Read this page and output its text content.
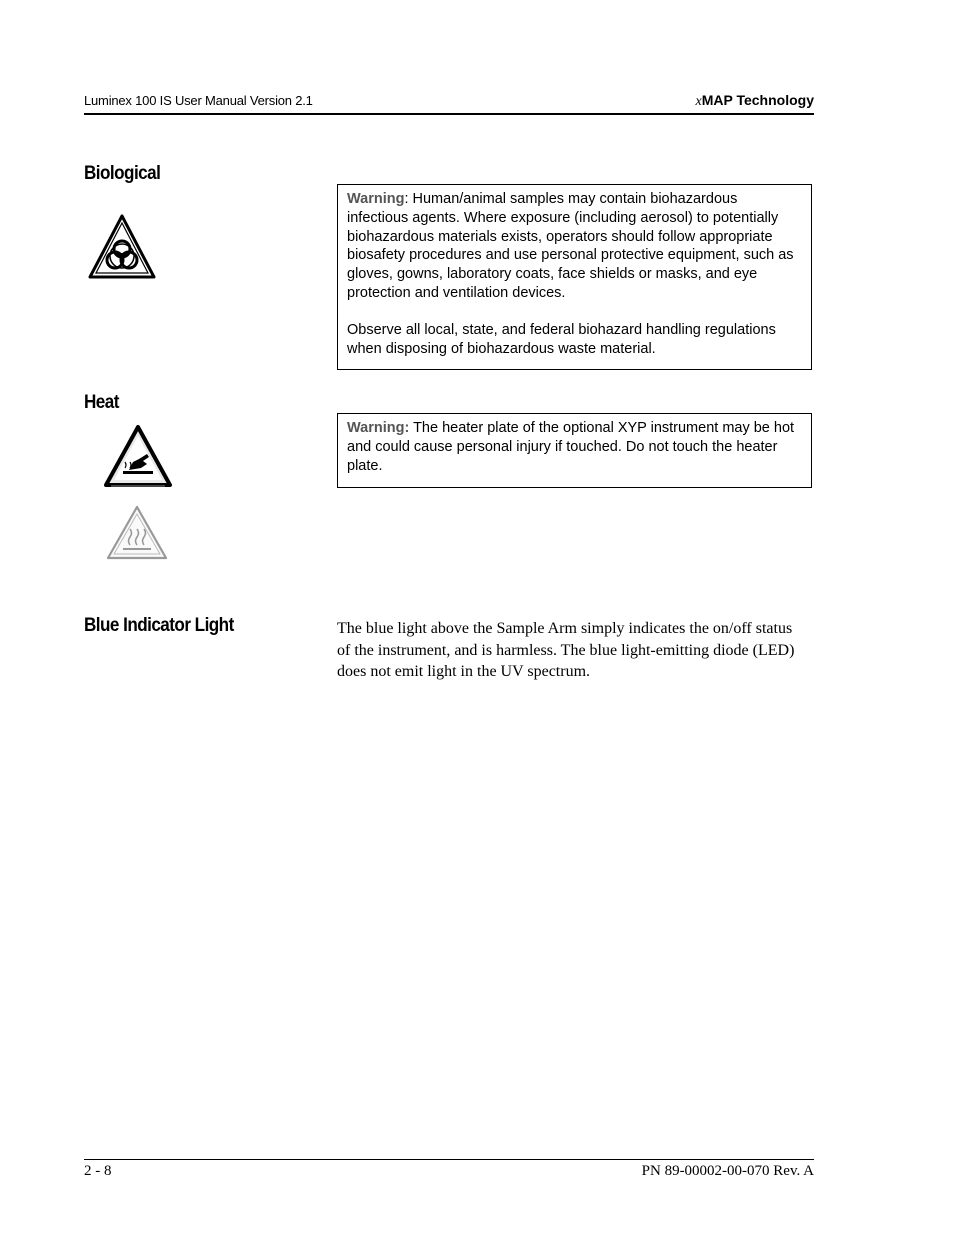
Luminex 100 IS User Manual Version 2.1	xMAP Technology
Biological

Warning: Human/animal samples may contain biohazardous infectious agents. Where exposure (including aerosol) to potentially biohazardous materials exists, operators should follow appropriate biosafety procedures and use personal protective equipment, such as gloves, gowns, laboratory coats, face shields or masks, and eye protection and ventilation devices.

Observe all local, state, and federal biohazard handling regulations when disposing of biohazardous waste material.

Heat

Warning: The heater plate of the optional XYP instrument may be hot and could cause personal injury if touched. Do not touch the heater plate.

Blue Indicator Light	The blue light above the Sample Arm simply indicates the on/off status of the instrument, and is harmless. The blue light-emitting diode (LED) does not emit light in the UV spectrum.
2 - 8	PN 89-00002-00-070 Rev. A
